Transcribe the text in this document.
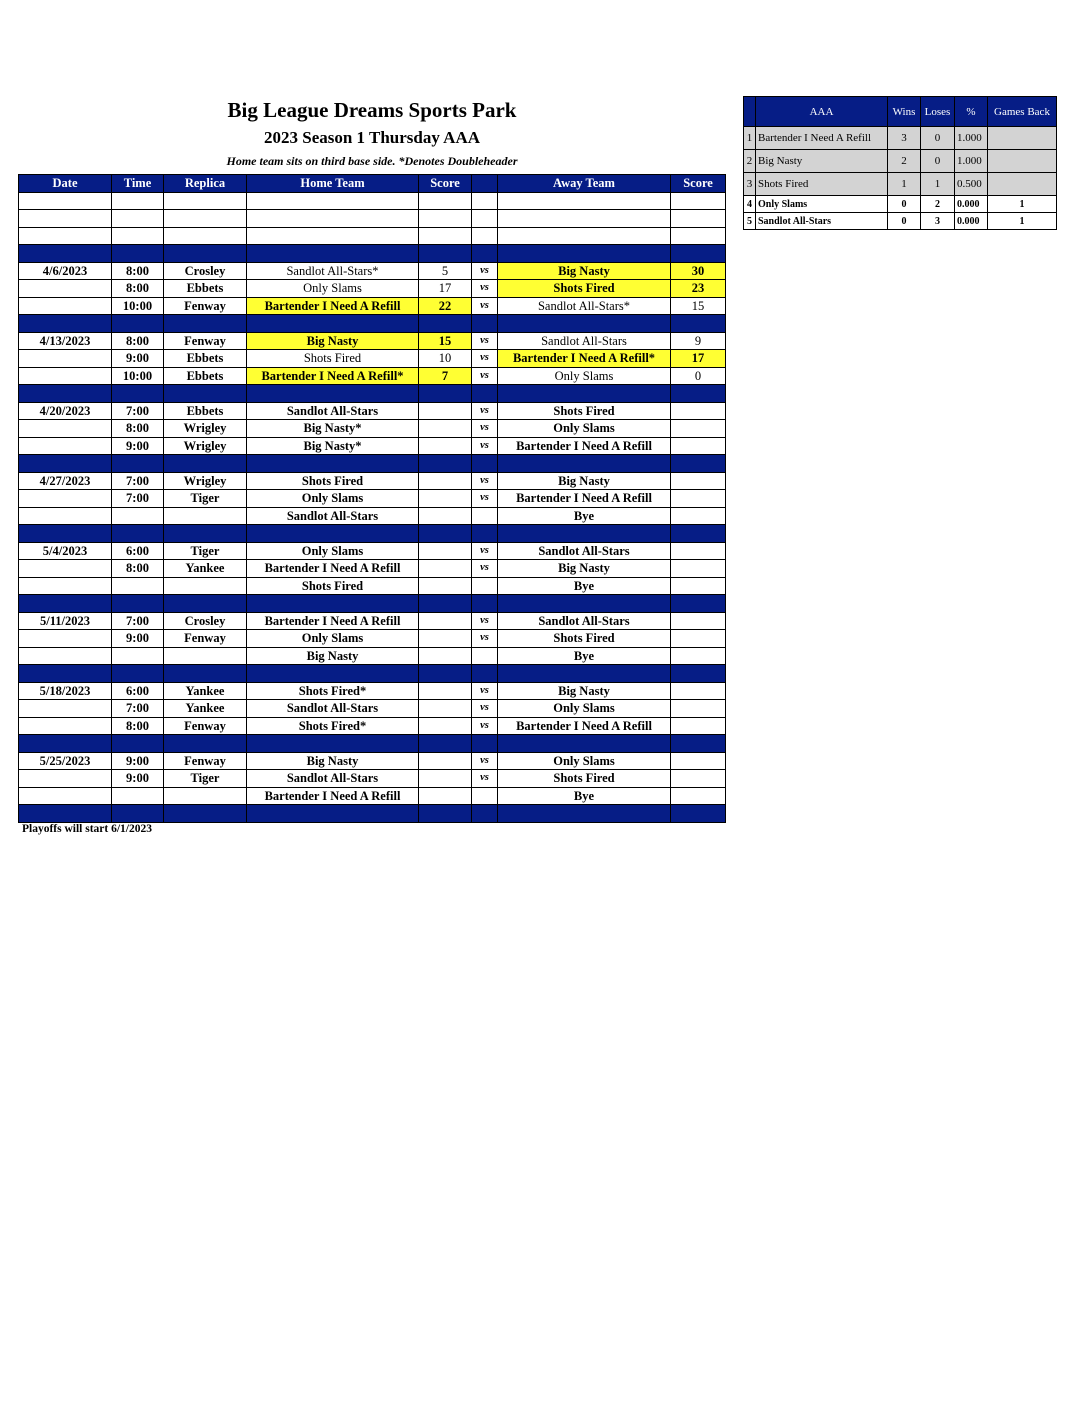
Big League Dreams Sports Park
2023 Season 1 Thursday AAA
Home team sits on third base side. *Denotes Doubleheader
Date	Time	Replica	Home Team	Score		Away Team	Score

4/6/2023	8:00	Crosley	Sandlot All-Stars*	5	vs	Big Nasty	30
	8:00	Ebbets	Only Slams	17	vs	Shots Fired	23
	10:00	Fenway	Bartender I Need A Refill	22	vs	Sandlot All-Stars*	15

4/13/2023	8:00	Fenway	Big Nasty	15	vs	Sandlot All-Stars	9
	9:00	Ebbets	Shots Fired	10	vs	Bartender I Need A Refill*	17
	10:00	Ebbets	Bartender I Need A Refill*	7	vs	Only Slams	0

4/20/2023	7:00	Ebbets	Sandlot All-Stars		vs	Shots Fired	
	8:00	Wrigley	Big Nasty*		vs	Only Slams	
	9:00	Wrigley	Big Nasty*		vs	Bartender I Need A Refill	

4/27/2023	7:00	Wrigley	Shots Fired		vs	Big Nasty	
	7:00	Tiger	Only Slams		vs	Bartender I Need A Refill	
			Sandlot All-Stars			Bye	

5/4/2023	6:00	Tiger	Only Slams		vs	Sandlot All-Stars	
	8:00	Yankee	Bartender I Need A Refill		vs	Big Nasty	
			Shots Fired			Bye	

5/11/2023	7:00	Crosley	Bartender I Need A Refill		vs	Sandlot All-Stars	
	9:00	Fenway	Only Slams		vs	Shots Fired	
			Big Nasty			Bye	

5/18/2023	6:00	Yankee	Shots Fired*		vs	Big Nasty	
	7:00	Yankee	Sandlot All-Stars		vs	Only Slams	
	8:00	Fenway	Shots Fired*		vs	Bartender I Need A Refill	

5/25/2023	9:00	Fenway	Big Nasty		vs	Only Slams	
	9:00	Tiger	Sandlot All-Stars		vs	Shots Fired	
			Bartender I Need A Refill			Bye	

	AAA	Wins	Loses	%	Games Back
1	Bartender I Need A Refill	3	0	1.000	
2	Big Nasty	2	0	1.000	
3	Shots Fired	1	1	0.500	
4	Only Slams	0	2	0.000	1
5	Sandlot All-Stars	0	3	0.000	1
Playoffs will start 6/1/2023
